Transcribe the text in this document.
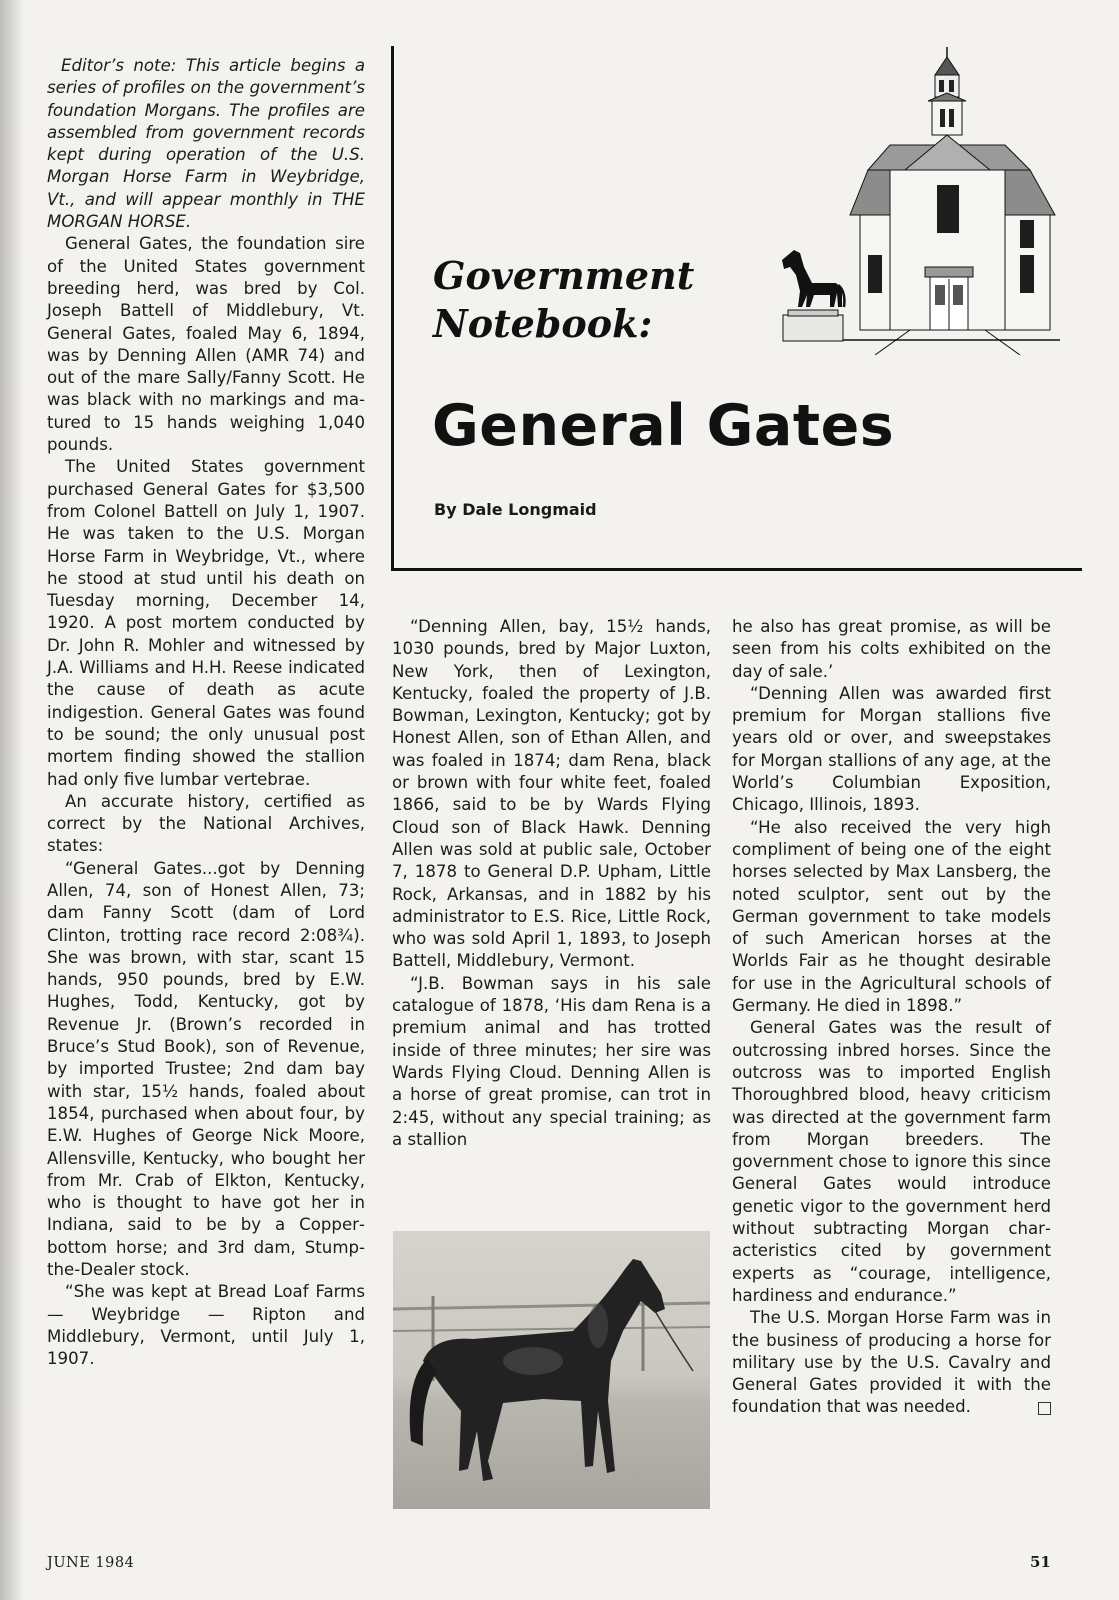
Government
Notebook:
General Gates
By Dale Longmaid

Editor’s note: This article begins a series of profiles on the government’s foundation Morgans. The profiles are assembled from government records kept during operation of the U.S. Morgan Horse Farm in Weybridge, Vt., and will appear monthly in THE MORGAN HORSE.

General Gates, the foundation sire of the United States government breeding herd, was bred by Col. Joseph Battell of Middlebury, Vt. General Gates, foaled May 6, 1894, was by Denning Allen (AMR 74) and out of the mare Sally/Fanny Scott. He was black with no markings and matured to 15 hands weighing 1,040 pounds.

The United States government purchased General Gates for $3,500 from Colonel Battell on July 1, 1907. He was taken to the U.S. Morgan Horse Farm in Weybridge, Vt., where he stood at stud until his death on Tuesday morning, December 14, 1920. A post mortem conducted by Dr. John R. Mohler and witnessed by J.A. Williams and H.H. Reese indicated the cause of death as acute indigestion. General Gates was found to be sound; the only unusual post mortem finding showed the stallion had only five lumbar vertebrae.

An accurate history, certified as correct by the National Archives, states:

“General Gates...got by Denning Allen, 74, son of Honest Allen, 73; dam Fanny Scott (dam of Lord Clinton, trotting race record 2:08¾). She was brown, with star, scant 15 hands, 950 pounds, bred by E.W. Hughes, Todd, Kentucky, got by Revenue Jr. (Brown’s recorded in Bruce’s Stud Book), son of Revenue, by imported Trustee; 2nd dam bay with star, 15½ hands, foaled about 1854, purchased when about four, by E.W. Hughes of George Nick Moore, Allensville, Kentucky, who bought her from Mr. Crab of Elkton, Kentucky, who is thought to have got her in Indiana, said to be by a Copperbottom horse; and 3rd dam, Stump-the-Dealer stock.

“She was kept at Bread Loaf Farms — Weybridge — Ripton and Middlebury, Vermont, until July 1, 1907.

“Denning Allen, bay, 15½ hands, 1030 pounds, bred by Major Luxton, New York, then of Lexington, Kentucky, foaled the property of J.B. Bowman, Lexington, Kentucky; got by Honest Allen, son of Ethan Allen, and was foaled in 1874; dam Rena, black or brown with four white feet, foaled 1866, said to be by Wards Flying Cloud son of Black Hawk. Denning Allen was sold at public sale, October 7, 1878 to General D.P. Upham, Little Rock, Arkansas, and in 1882 by his administrator to E.S. Rice, Little Rock, who was sold April 1, 1893, to Joseph Battell, Middlebury, Vermont.

“J.B. Bowman says in his sale catalogue of 1878, ‘His dam Rena is a premium animal and has trotted inside of three minutes; her sire was Wards Flying Cloud. Denning Allen is a horse of great promise, can trot in 2:45, without any special training; as a stallion

he also has great promise, as will be seen from his colts exhibited on the day of sale.’

“Denning Allen was awarded first premium for Morgan stallions five years old or over, and sweepstakes for Morgan stallions of any age, at the World’s Columbian Exposition, Chicago, Illinois, 1893.

“He also received the very high compliment of being one of the eight horses selected by Max Lansberg, the noted sculptor, sent out by the German government to take models of such American horses at the Worlds Fair as he thought desirable for use in the Agricultural schools of Germany. He died in 1898.”

General Gates was the result of outcrossing inbred horses. Since the outcross was to imported English Thoroughbred blood, heavy criticism was directed at the government farm from Morgan breeders. The government chose to ignore this since General Gates would introduce genetic vigor to the government herd without subtracting Morgan characteristics cited by government experts as “courage, intelligence, hardiness and endurance.”

The U.S. Morgan Horse Farm was in the business of producing a horse for military use by the U.S. Cavalry and General Gates provided it with the foundation that was needed.

JUNE 1984	51
